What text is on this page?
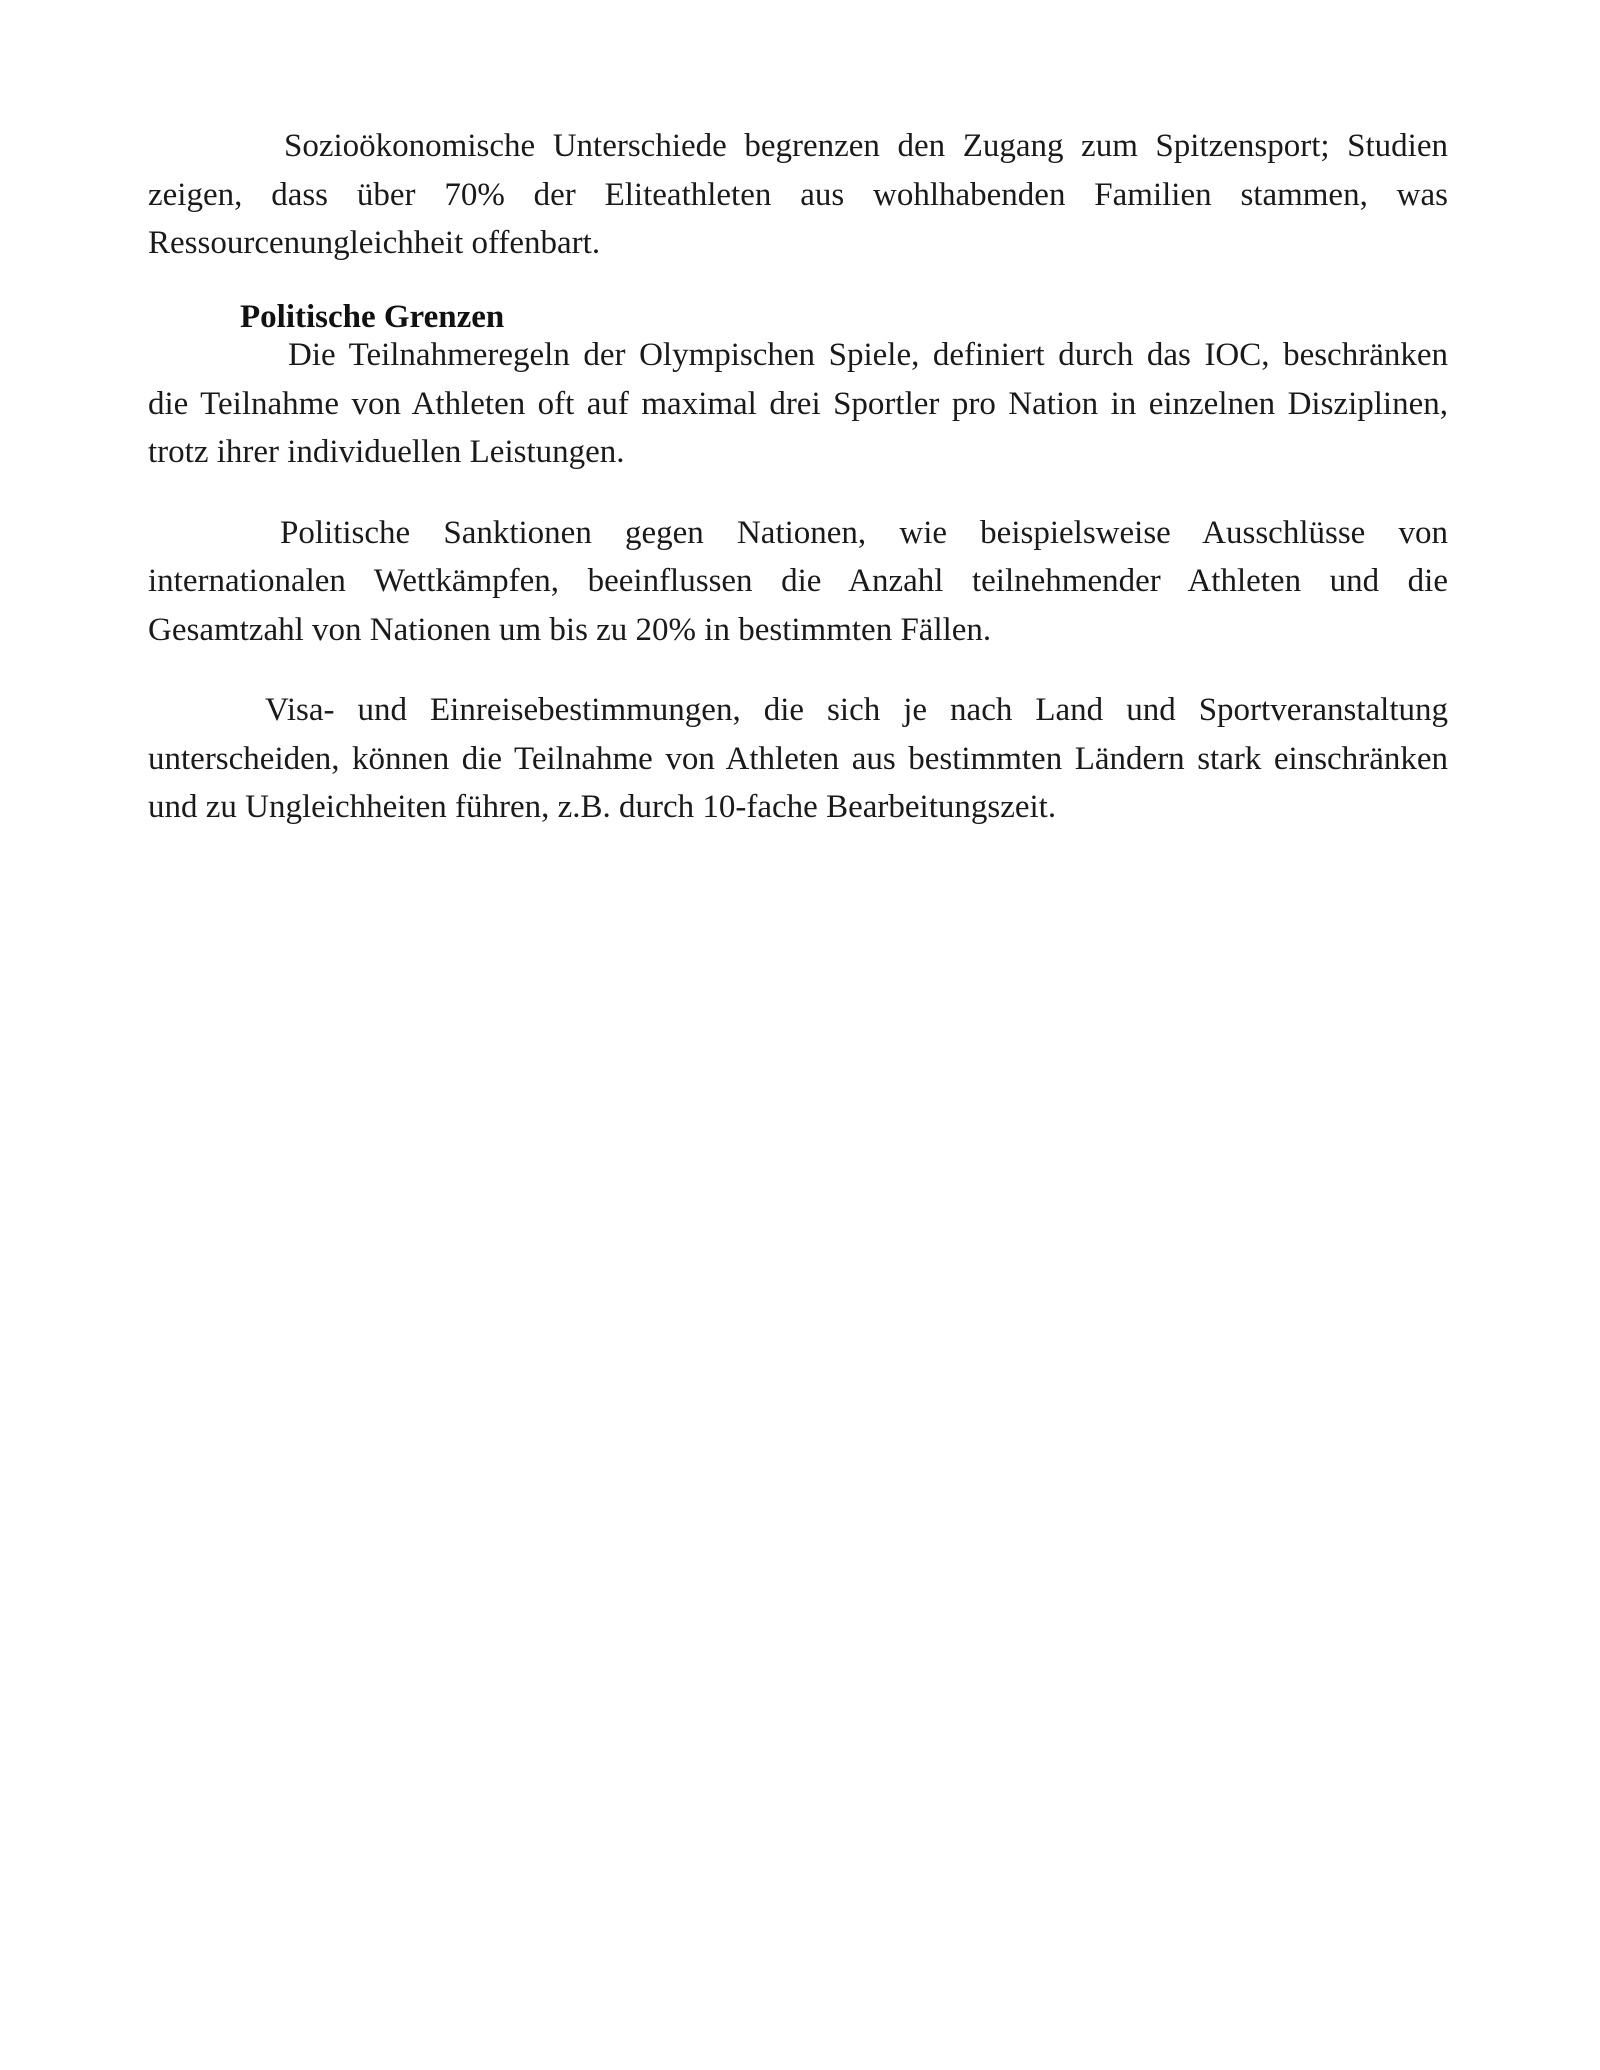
Sozioökonomische Unterschiede begrenzen den Zugang zum Spitzensport; Studien zeigen, dass über 70% der Eliteathleten aus wohlhabenden Familien stammen, was Ressourcenungleichheit offenbart.

Politische Grenzen

Die Teilnahmeregeln der Olympischen Spiele, definiert durch das IOC, beschränken die Teilnahme von Athleten oft auf maximal drei Sportler pro Nation in einzelnen Disziplinen, trotz ihrer individuellen Leistungen.

Politische Sanktionen gegen Nationen, wie beispielsweise Ausschlüsse von internationalen Wettkämpfen, beeinflussen die Anzahl teilnehmender Athleten und die Gesamtzahl von Nationen um bis zu 20% in bestimmten Fällen.

Visa- und Einreisebestimmungen, die sich je nach Land und Sportveranstaltung unterscheiden, können die Teilnahme von Athleten aus bestimmten Ländern stark einschränken und zu Ungleichheiten führen, z.B. durch 10-fache Bearbeitungszeit.
